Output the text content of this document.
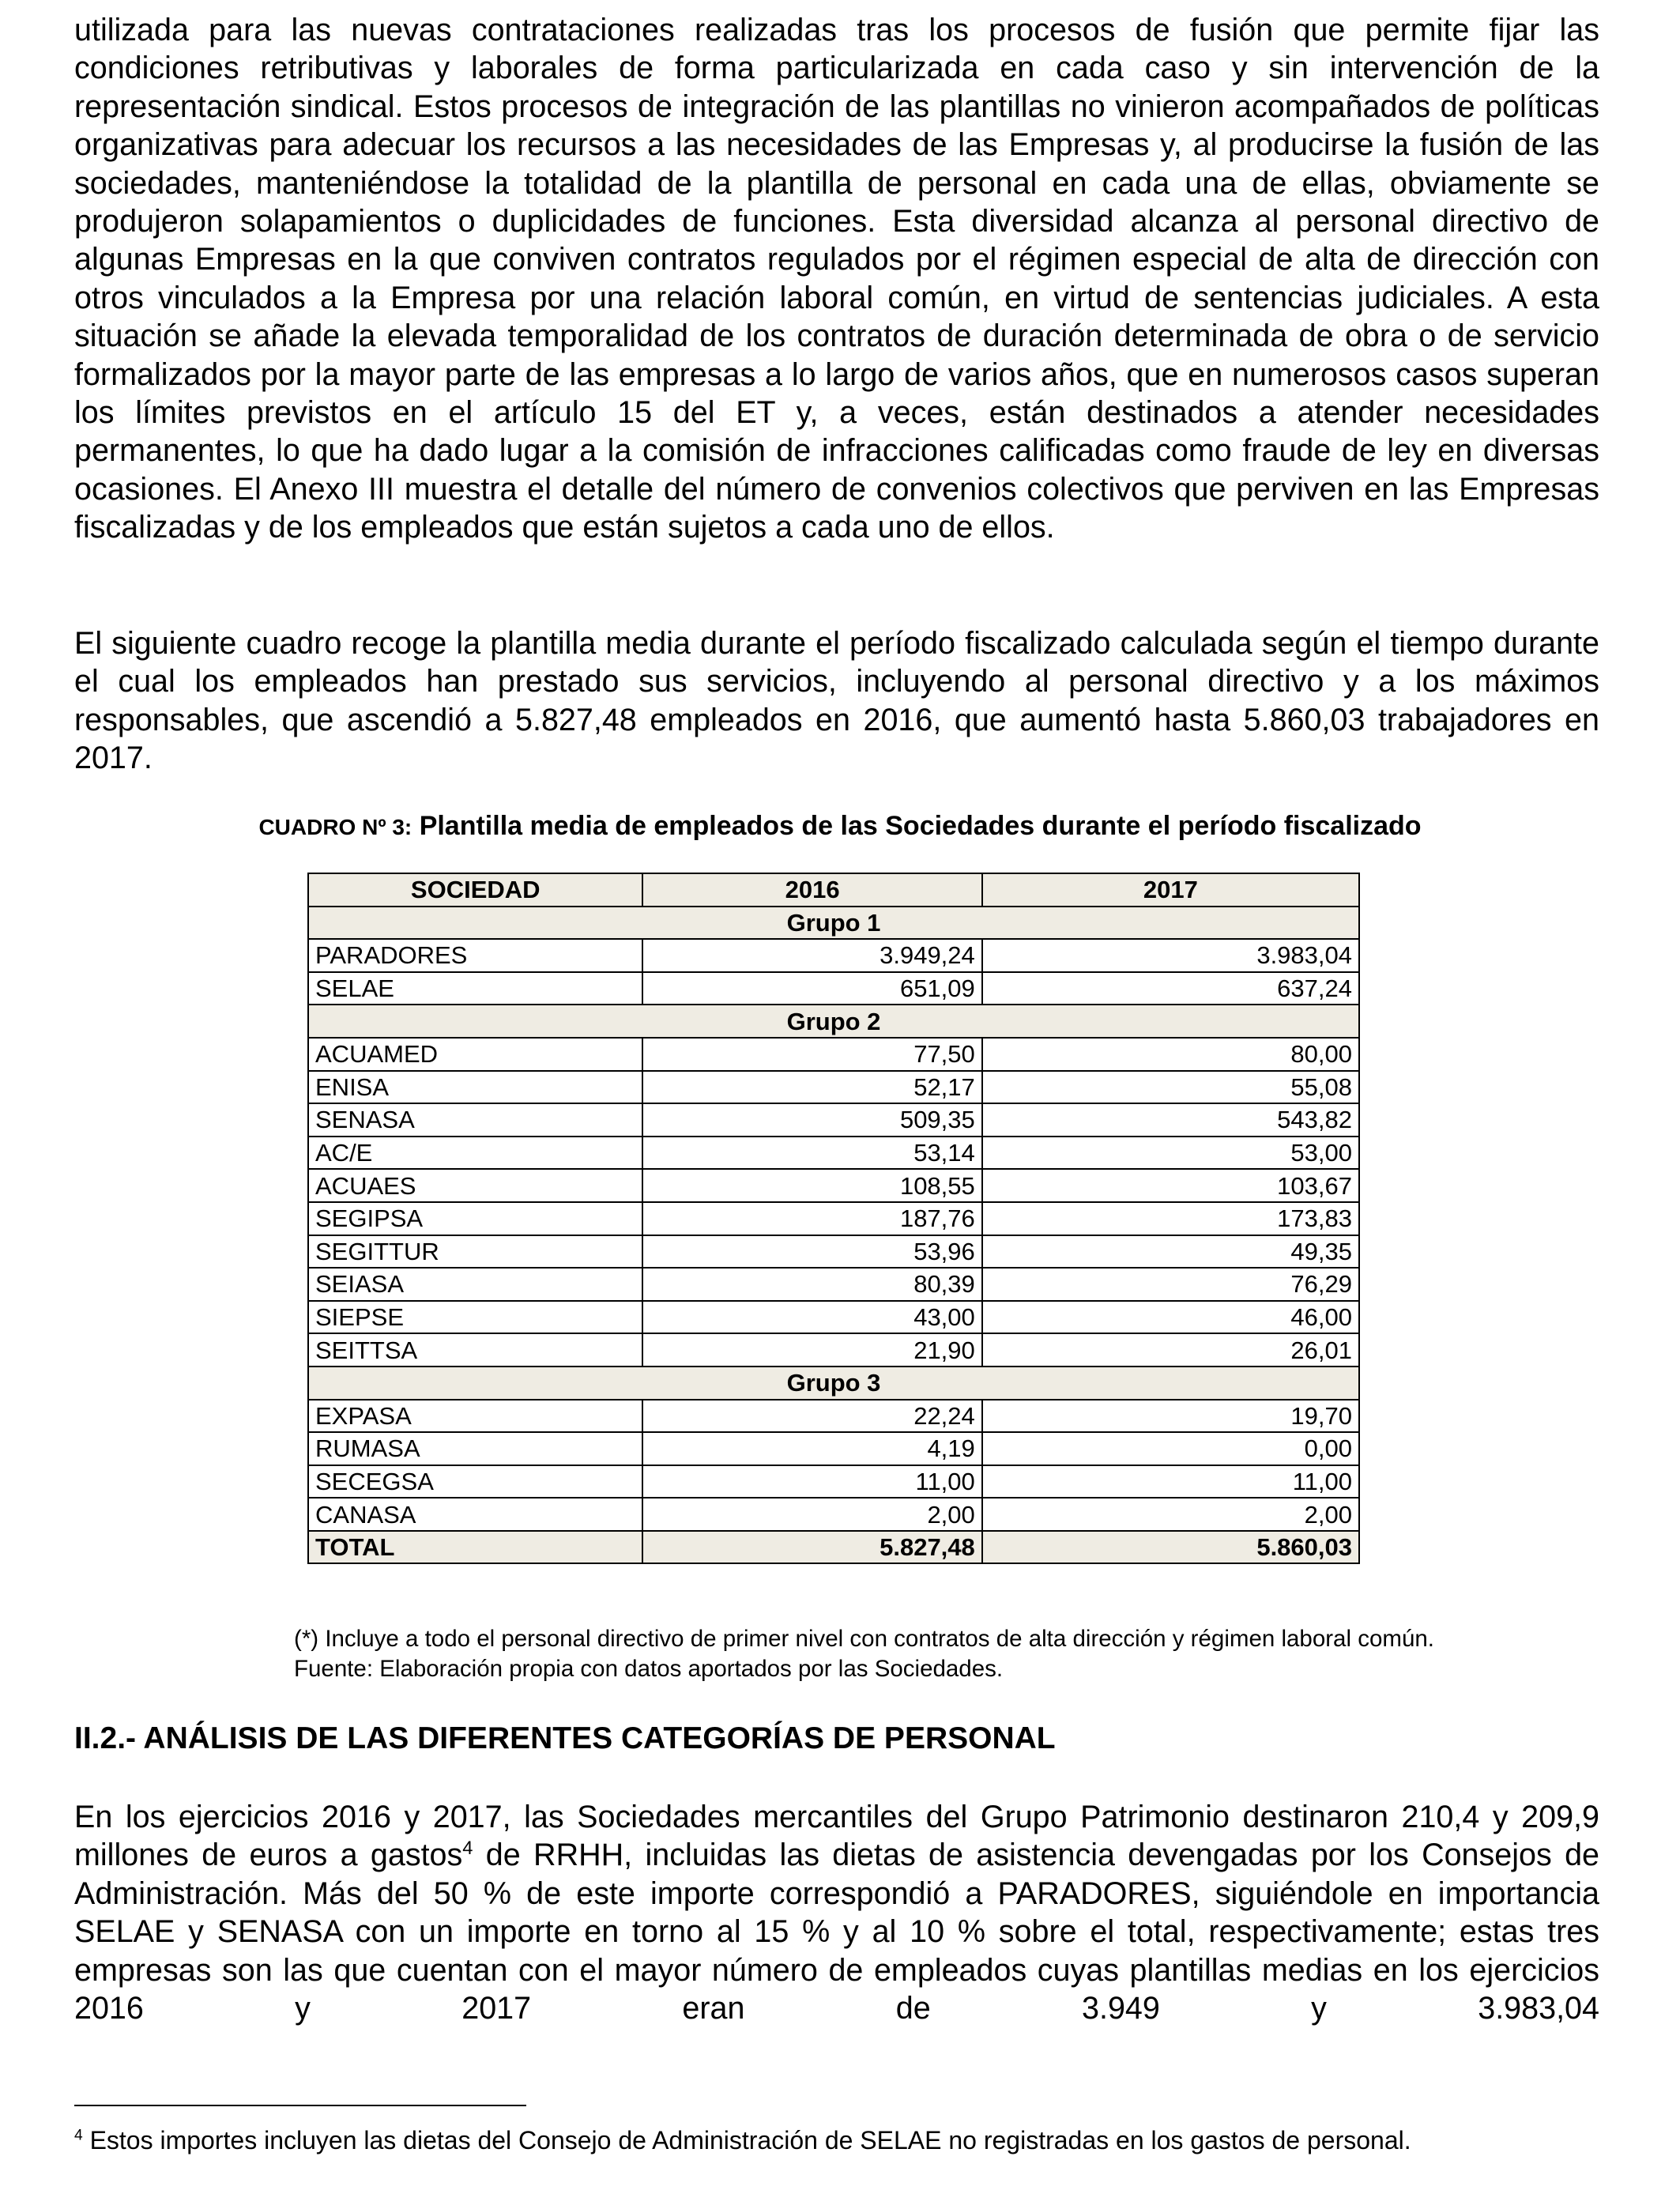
utilizada para las nuevas contrataciones realizadas tras los procesos de fusión que permite fijar las condiciones retributivas y laborales de forma particularizada en cada caso y sin intervención de la representación sindical. Estos procesos de integración de las plantillas no vinieron acompañados de políticas organizativas para adecuar los recursos a las necesidades de las Empresas y, al producirse la fusión de las sociedades, manteniéndose la totalidad de la plantilla de personal en cada una de ellas, obviamente se produjeron solapamientos o duplicidades de funciones. Esta diversidad alcanza al personal directivo de algunas Empresas en la que conviven contratos regulados por el régimen especial de alta de dirección con otros vinculados a la Empresa por una relación laboral común, en virtud de sentencias judiciales. A esta situación se añade la elevada temporalidad de los contratos de duración determinada de obra o de servicio formalizados por la mayor parte de las empresas a lo largo de varios años, que en numerosos casos superan los límites previstos en el artículo 15 del ET y, a veces, están destinados a atender necesidades permanentes, lo que ha dado lugar a la comisión de infracciones calificadas como fraude de ley en diversas ocasiones. El Anexo III muestra el detalle del número de convenios colectivos que perviven en las Empresas fiscalizadas y de los empleados que están sujetos a cada uno de ellos.

El siguiente cuadro recoge la plantilla media durante el período fiscalizado calculada según el tiempo durante el cual los empleados han prestado sus servicios, incluyendo al personal directivo y a los máximos responsables, que ascendió a 5.827,48 empleados en 2016, que aumentó hasta 5.860,03 trabajadores en 2017.

CUADRO Nº 3: Plantilla media de empleados de las Sociedades durante el período fiscalizado

SOCIEDAD	2016	2017
Grupo 1		
PARADORES	3.949,24	3.983,04
SELAE	651,09	637,24
Grupo 2		
ACUAMED	77,50	80,00
ENISA	52,17	55,08
SENASA	509,35	543,82
AC/E	53,14	53,00
ACUAES	108,55	103,67
SEGIPSA	187,76	173,83
SEGITTUR	53,96	49,35
SEIASA	80,39	76,29
SIEPSE	43,00	46,00
SEITTSA	21,90	26,01
Grupo 3		
EXPASA	22,24	19,70
RUMASA	4,19	0,00
SECEGSA	11,00	11,00
CANASA	2,00	2,00
TOTAL	5.827,48	5.860,03

(*) Incluye a todo el personal directivo de primer nivel con contratos de alta dirección y régimen laboral común.

Fuente: Elaboración propia con datos aportados por las Sociedades.

II.2.- ANÁLISIS DE LAS DIFERENTES CATEGORÍAS DE PERSONAL

En los ejercicios 2016 y 2017, las Sociedades mercantiles del Grupo Patrimonio destinaron 210,4 y 209,9 millones de euros a gastos$^4$ de RRHH, incluidas las dietas de asistencia devengadas por los Consejos de Administración. Más del 50 % de este importe correspondió a PARADORES, siguiéndole en importancia SELAE y SENASA con un importe en torno al 15 % y al 10 % sobre el total, respectivamente; estas tres empresas son las que cuentan con el mayor número de empleados cuyas plantillas medias en los ejercicios 2016 y 2017 eran de 3.949 y 3.983,04

$^4$ Estos importes incluyen las dietas del Consejo de Administración de SELAE no registradas en los gastos de personal.
